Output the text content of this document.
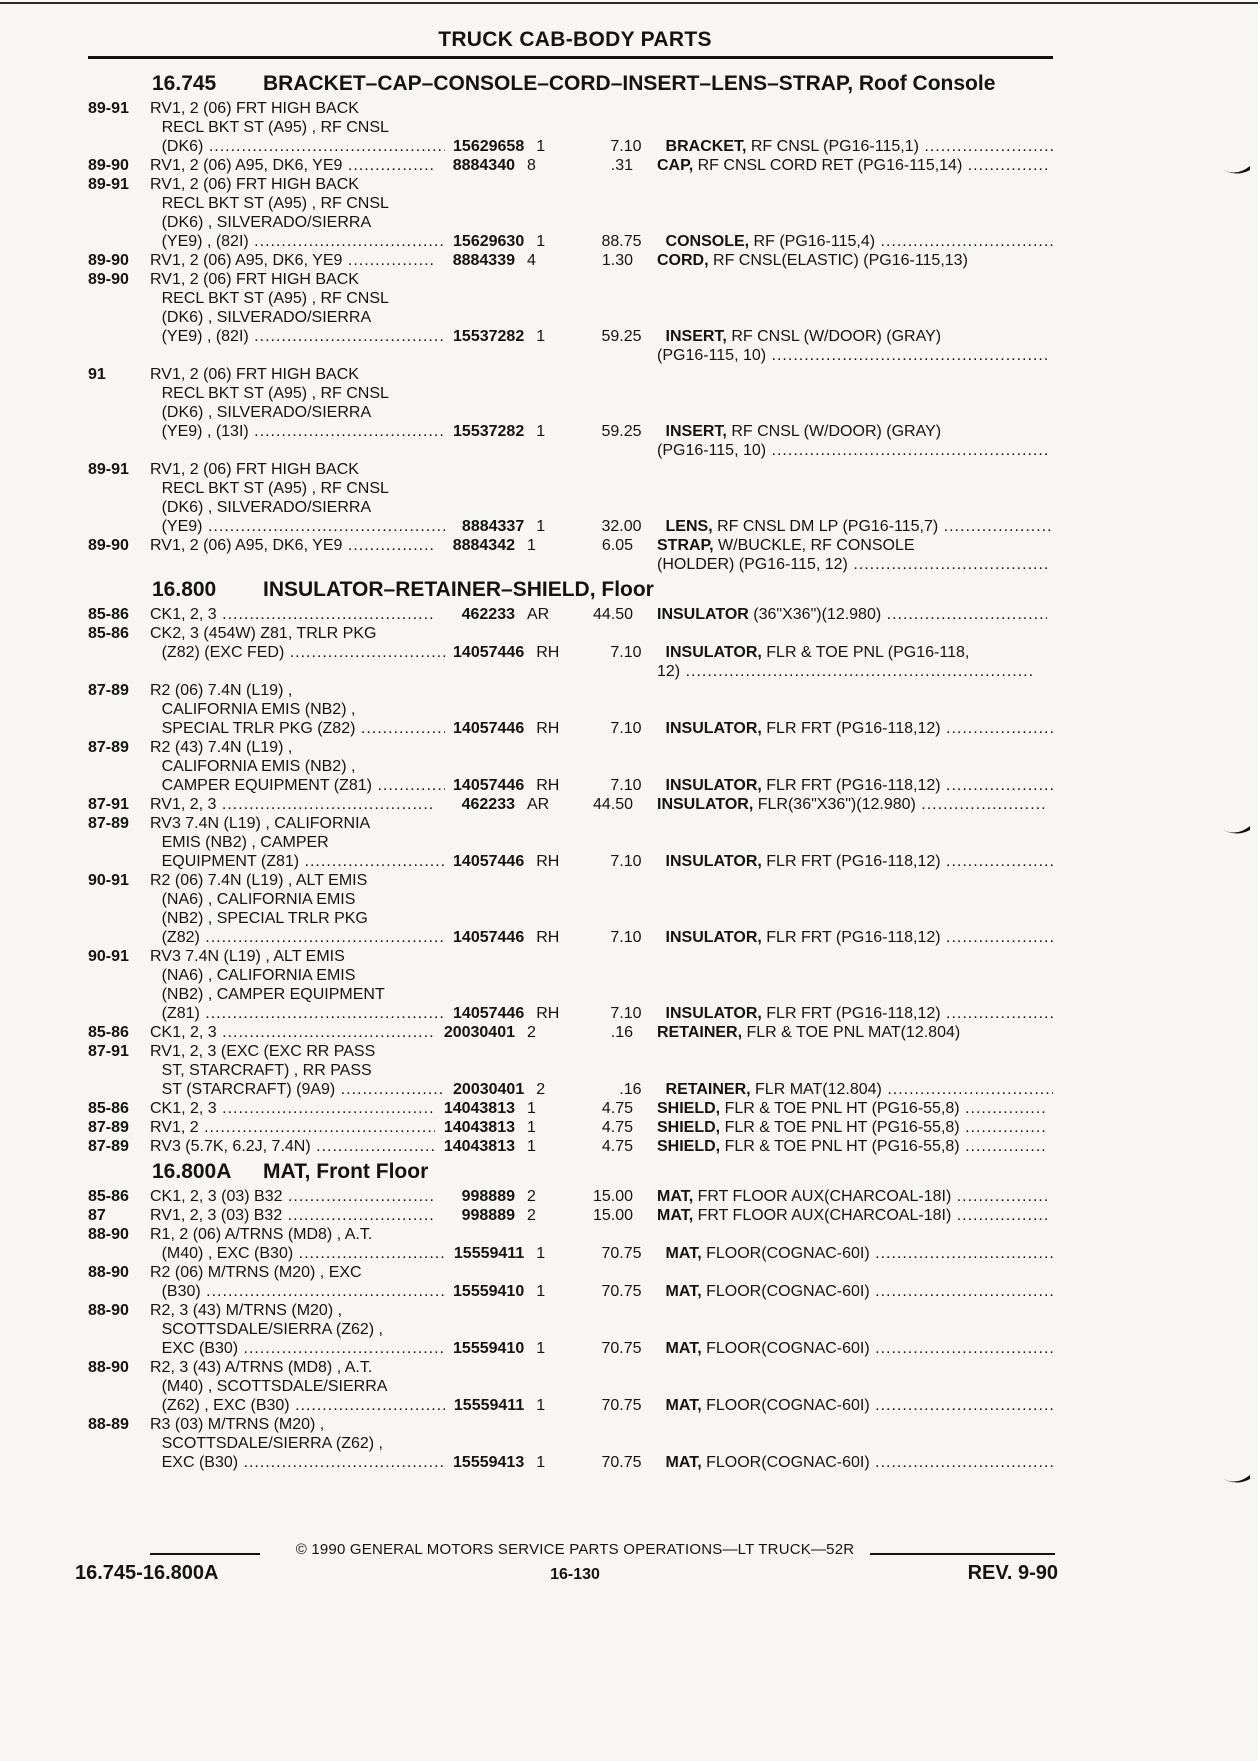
TRUCK CAB-BODY PARTS
16.745	BRACKET–CAP–CONSOLE–CORD–INSERT–LENS–STRAP, Roof Console
89-91	RV1, 2 (06) FRT HIGH BACK
RECL BKT ST (A95) , RF CNSL
(DK6) .....	15629658 1	7.10	BRACKET, RF CNSL (PG16-115,1) .....
89-90	RV1, 2 (06) A95, DK6, YE9 .....	8884340 8	.31	CAP, RF CNSL CORD RET (PG16-115,14) .....
89-91	RV1, 2 (06) FRT HIGH BACK
RECL BKT ST (A95) , RF CNSL
(DK6) , SILVERADO/SIERRA
(YE9) , (82I) .....	15629630 1	88.75	CONSOLE, RF (PG16-115,4) .....
89-90	RV1, 2 (06) A95, DK6, YE9 .....	8884339 4	1.30	CORD, RF CNSL(ELASTIC) (PG16-115,13)
89-90	RV1, 2 (06) FRT HIGH BACK
RECL BKT ST (A95) , RF CNSL
(DK6) , SILVERADO/SIERRA
(YE9) , (82I) .....	15537282 1	59.25	INSERT, RF CNSL (W/DOOR) (GRAY)
(PG16-115, 10) .....
91	RV1, 2 (06) FRT HIGH BACK
RECL BKT ST (A95) , RF CNSL
(DK6) , SILVERADO/SIERRA
(YE9) , (13I) .....	15537282 1	59.25	INSERT, RF CNSL (W/DOOR) (GRAY)
(PG16-115, 10) .....
89-91	RV1, 2 (06) FRT HIGH BACK
RECL BKT ST (A95) , RF CNSL
(DK6) , SILVERADO/SIERRA
(YE9) .....	8884337 1	32.00	LENS, RF CNSL DM LP (PG16-115,7) .....
89-90	RV1, 2 (06) A95, DK6, YE9 .....	8884342 1	6.05	STRAP, W/BUCKLE, RF CONSOLE
(HOLDER) (PG16-115, 12) .....
16.800	INSULATOR–RETAINER–SHIELD, Floor
85-86	CK1, 2, 3 .....	462233 AR	44.50	INSULATOR (36"X36")(12.980) .....
85-86	CK2, 3 (454W) Z81, TRLR PKG
(Z82) (EXC FED) .....	14057446 RH	7.10	INSULATOR, FLR & TOE PNL (PG16-118,
12) .....
87-89	R2 (06) 7.4N (L19) ,
CALIFORNIA EMIS (NB2) ,
SPECIAL TRLR PKG (Z82) .....	14057446 RH	7.10	INSULATOR, FLR FRT (PG16-118,12) .....
87-89	R2 (43) 7.4N (L19) ,
CALIFORNIA EMIS (NB2) ,
CAMPER EQUIPMENT (Z81) .....	14057446 RH	7.10	INSULATOR, FLR FRT (PG16-118,12) .....
87-91	RV1, 2, 3 .....	462233 AR	44.50	INSULATOR, FLR(36"X36")(12.980) .....
87-89	RV3 7.4N (L19) , CALIFORNIA
EMIS (NB2) , CAMPER
EQUIPMENT (Z81) .....	14057446 RH	7.10	INSULATOR, FLR FRT (PG16-118,12) .....
90-91	R2 (06) 7.4N (L19) , ALT EMIS
(NA6) , CALIFORNIA EMIS
(NB2) , SPECIAL TRLR PKG
(Z82) .....	14057446 RH	7.10	INSULATOR, FLR FRT (PG16-118,12) .....
90-91	RV3 7.4N (L19) , ALT EMIS
(NA6) , CALIFORNIA EMIS
(NB2) , CAMPER EQUIPMENT
(Z81) .....	14057446 RH	7.10	INSULATOR, FLR FRT (PG16-118,12) .....
85-86	CK1, 2, 3 .....	20030401 2	.16	RETAINER, FLR & TOE PNL MAT(12.804)
87-91	RV1, 2, 3 (EXC (EXC RR PASS
ST, STARCRAFT) , RR PASS
ST (STARCRAFT) (9A9) .....	20030401 2	.16	RETAINER, FLR MAT(12.804) .....
85-86	CK1, 2, 3 .....	14043813 1	4.75	SHIELD, FLR & TOE PNL HT (PG16-55,8) .....
87-89	RV1, 2 .....	14043813 1	4.75	SHIELD, FLR & TOE PNL HT (PG16-55,8) .....
87-89	RV3 (5.7K, 6.2J, 7.4N) .....	14043813 1	4.75	SHIELD, FLR & TOE PNL HT (PG16-55,8) .....
16.800A	MAT, Front Floor
85-86	CK1, 2, 3 (03) B32 .....	998889 2	15.00	MAT, FRT FLOOR AUX(CHARCOAL-18I) .....
87	RV1, 2, 3 (03) B32 .....	998889 2	15.00	MAT, FRT FLOOR AUX(CHARCOAL-18I) .....
88-90	R1, 2 (06) A/TRNS (MD8) , A.T.
(M40) , EXC (B30) .....	15559411 1	70.75	MAT, FLOOR(COGNAC-60I) .....
88-90	R2 (06) M/TRNS (M20) , EXC
(B30) .....	15559410 1	70.75	MAT, FLOOR(COGNAC-60I) .....
88-90	R2, 3 (43) M/TRNS (M20) ,
SCOTTSDALE/SIERRA (Z62) ,
EXC (B30) .....	15559410 1	70.75	MAT, FLOOR(COGNAC-60I) .....
88-90	R2, 3 (43) A/TRNS (MD8) , A.T.
(M40) , SCOTTSDALE/SIERRA
(Z62) , EXC (B30) .....	15559411 1	70.75	MAT, FLOOR(COGNAC-60I) .....
88-89	R3 (03) M/TRNS (M20) ,
SCOTTSDALE/SIERRA (Z62) ,
EXC (B30) .....	15559413 1	70.75	MAT, FLOOR(COGNAC-60I) .....
© 1990 GENERAL MOTORS SERVICE PARTS OPERATIONS—LT TRUCK—52R
16.745-16.800A	16-130	REV. 9-90
